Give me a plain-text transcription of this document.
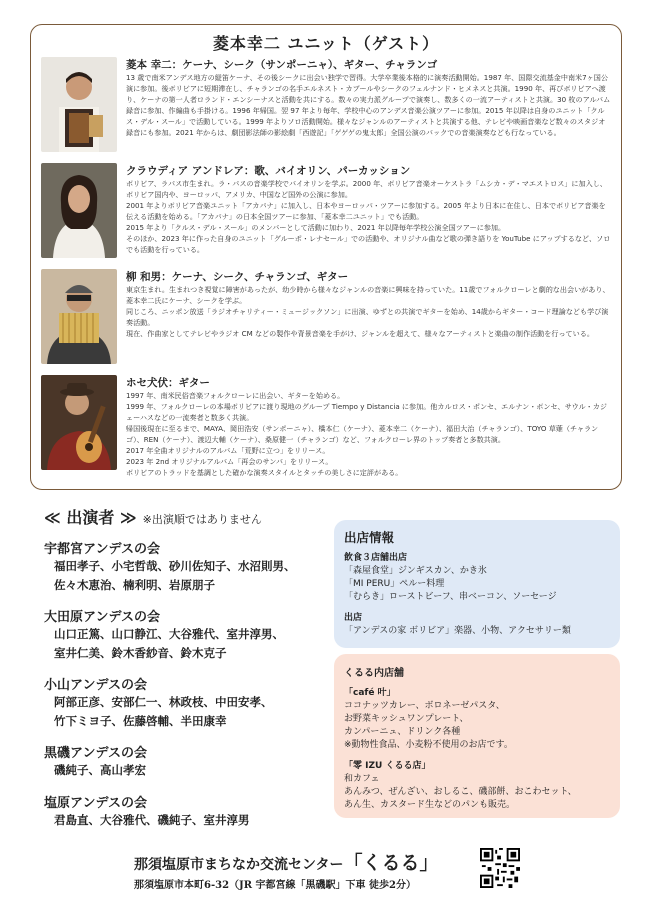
菱本幸二 ユニット（ゲスト）
菱本 幸二：ケーナ、シーク（サンポーニャ）、ギター、チャランゴ

13 歳で南米アンデス地方の縦笛ケーナ、その後シークに出会い独学で習得。大学卒業後本格的に演奏活動開始。1987 年、国際交流基金中南米7ヶ国公演に参加。後ボリビアに短期滞在し、チャランゴの名手エルネスト・カブールやシークのフェルナンド・ヒメネスと共演。1990 年、再びボリビアへ渡り、ケーナの第一人者ロランド・エンシーナスと活動を共にする。数々の実力派グループで演奏し、数多くの一流アーティストと共演。30 枚のアルバム録音に参加、作編曲も手掛ける。1996 年帰国。翌 97 年より毎年、学校中心のアンデス音楽公演ツアーに参加。2015 年以降は自身のユニット「クルス・デル・スール」で活動している。1999 年よりソロ活動開始。様々なジャンルのアーティストと共演する他、テレビや映画音楽など数々のスタジオ録音にも参加。2021 年からは、劇団影法師の影絵劇「西遊記」「ゲゲゲの鬼太郎」全国公演のバックでの音楽演奏なども行なっている。

クラウディア アンドレア：歌、バイオリン、パーカッション

ボリビア、ラパス市生まれ。ラ・パスの音楽学校でバイオリンを学ぶ。2000 年、ボリビア音楽オーケストラ「ムシカ・デ・マエストロス」に加入し、ボリビア国内や、ヨーロッパ、アメリカ、中国など国外の公演に参加。

2001 年よりボリビア音楽ユニット「アカパナ」に加入し、日本やヨーロッパ・ツアーに参加する。2005 年より日本に在住し、日本でボリビア音楽を伝える活動を始める。「アカパナ」の日本全国ツアーに参加、「菱本幸二ユニット」でも活動。

2015 年より「クルス・デル・スール」のメンバーとして活動に加わり、2021 年以降毎年学校公演全国ツアーに参加。

そのほか、2023 年に作った自身のユニット「グルーポ・レナセール」での活動や、オリジナル曲など歌の弾き語りを YouTube にアップするなど、ソロでも活動を行っている。

柳 和男：ケーナ、シーク、チャランゴ、ギター

東京生まれ。生まれつき視覚に障害があったが、幼少時から様々なジャンルの音楽に興味を持っていた。11歳でフォルクローレと劇的な出会いがあり、菱本幸二氏にケーナ、シークを学ぶ。

同じころ、ニッポン放送「ラジオチャリティー・ミュージックソン」に出演、ゆずとの共演でギターを始め、14歳からギター・コード理論なども学び演奏活動。

現在、作曲家としてテレビやラジオ CM などの製作や背景音楽を手がけ、ジャンルを超えて、様々なアーティストと楽曲の制作活動を行っている。

ホセ犬伏：ギター

1997 年、南米民俗音楽フォルクローレに出会い、ギターを始める。

1999 年、フォルクローレの本場ボリビアに渡り現地のグループ Tiempo y Distancia に参加。他カルロス・ポンセ、エルナン・ボンセ、サウル・カジェーハスなどの一流奏者と数多く共演。

帰国後現在に至るまで、MAYA、岡田浩安（サンポーニャ）、橋本仁（ケーナ）、菱本幸二（ケーナ）、福田大治（チャランゴ）、TOYO 草薙（チャランゴ）、REN（ケーナ）、渡辺大輔（ケーナ）、桑原健一（チャランゴ）など、フォルクローレ界のトップ奏者と多数共演。

2017 年全曲オリジナルのアルバム「荒野に立つ」をリリース。

2023 年 2nd オリジナルアルバム「再会のサンバ」をリリース。

ボリビアのトラッドを基調とした確かな演奏スタイルとタッチの美しさに定評がある。

≪ 出演者 ≫ ※出演順ではありません
宇都宮アンデスの会
福田孝子、小宅哲哉、砂川佐知子、水沼則男、
佐々木恵治、楠利明、岩原朋子
大田原アンデスの会
山口正篤、山口静江、大谷雅代、室井淳男、
室井仁美、鈴木香紗音、鈴木克子
小山アンデスの会
阿部正彦、安部仁一、林政枝、中田安孝、
竹下ミヨ子、佐藤啓輔、半田康幸
黒磯アンデスの会
磯純子、高山孝宏
塩原アンデスの会
君島直、大谷雅代、磯純子、室井淳男
出店情報
飲食３店舗出店
「森屋食堂」ジンギスカン、かき氷
「MI PERU」ペルー料理
「むらき」ローストビーフ、串ベーコン、ソーセージ
出店
「アンデスの家 ボリビア」楽器、小物、アクセサリー類
くるる内店舗
「café 叶」
ココナッツカレー、ボロネーゼパスタ、
お野菜キッシュワンプレート、
カンパーニュ、ドリンク各種
※動物性食品、小麦粉不使用のお店です。
「零 IZU くるる店」
和カフェ
あんみつ、ぜんざい、おしるこ、磯部餅、おこわセット、
あん生、カスタード生などのパンも販売。
那須塩原市まちなか交流センター「くるる」
那須塩原市本町6-32（JR 宇都宮線「黒磯駅」下車 徒歩2分）
